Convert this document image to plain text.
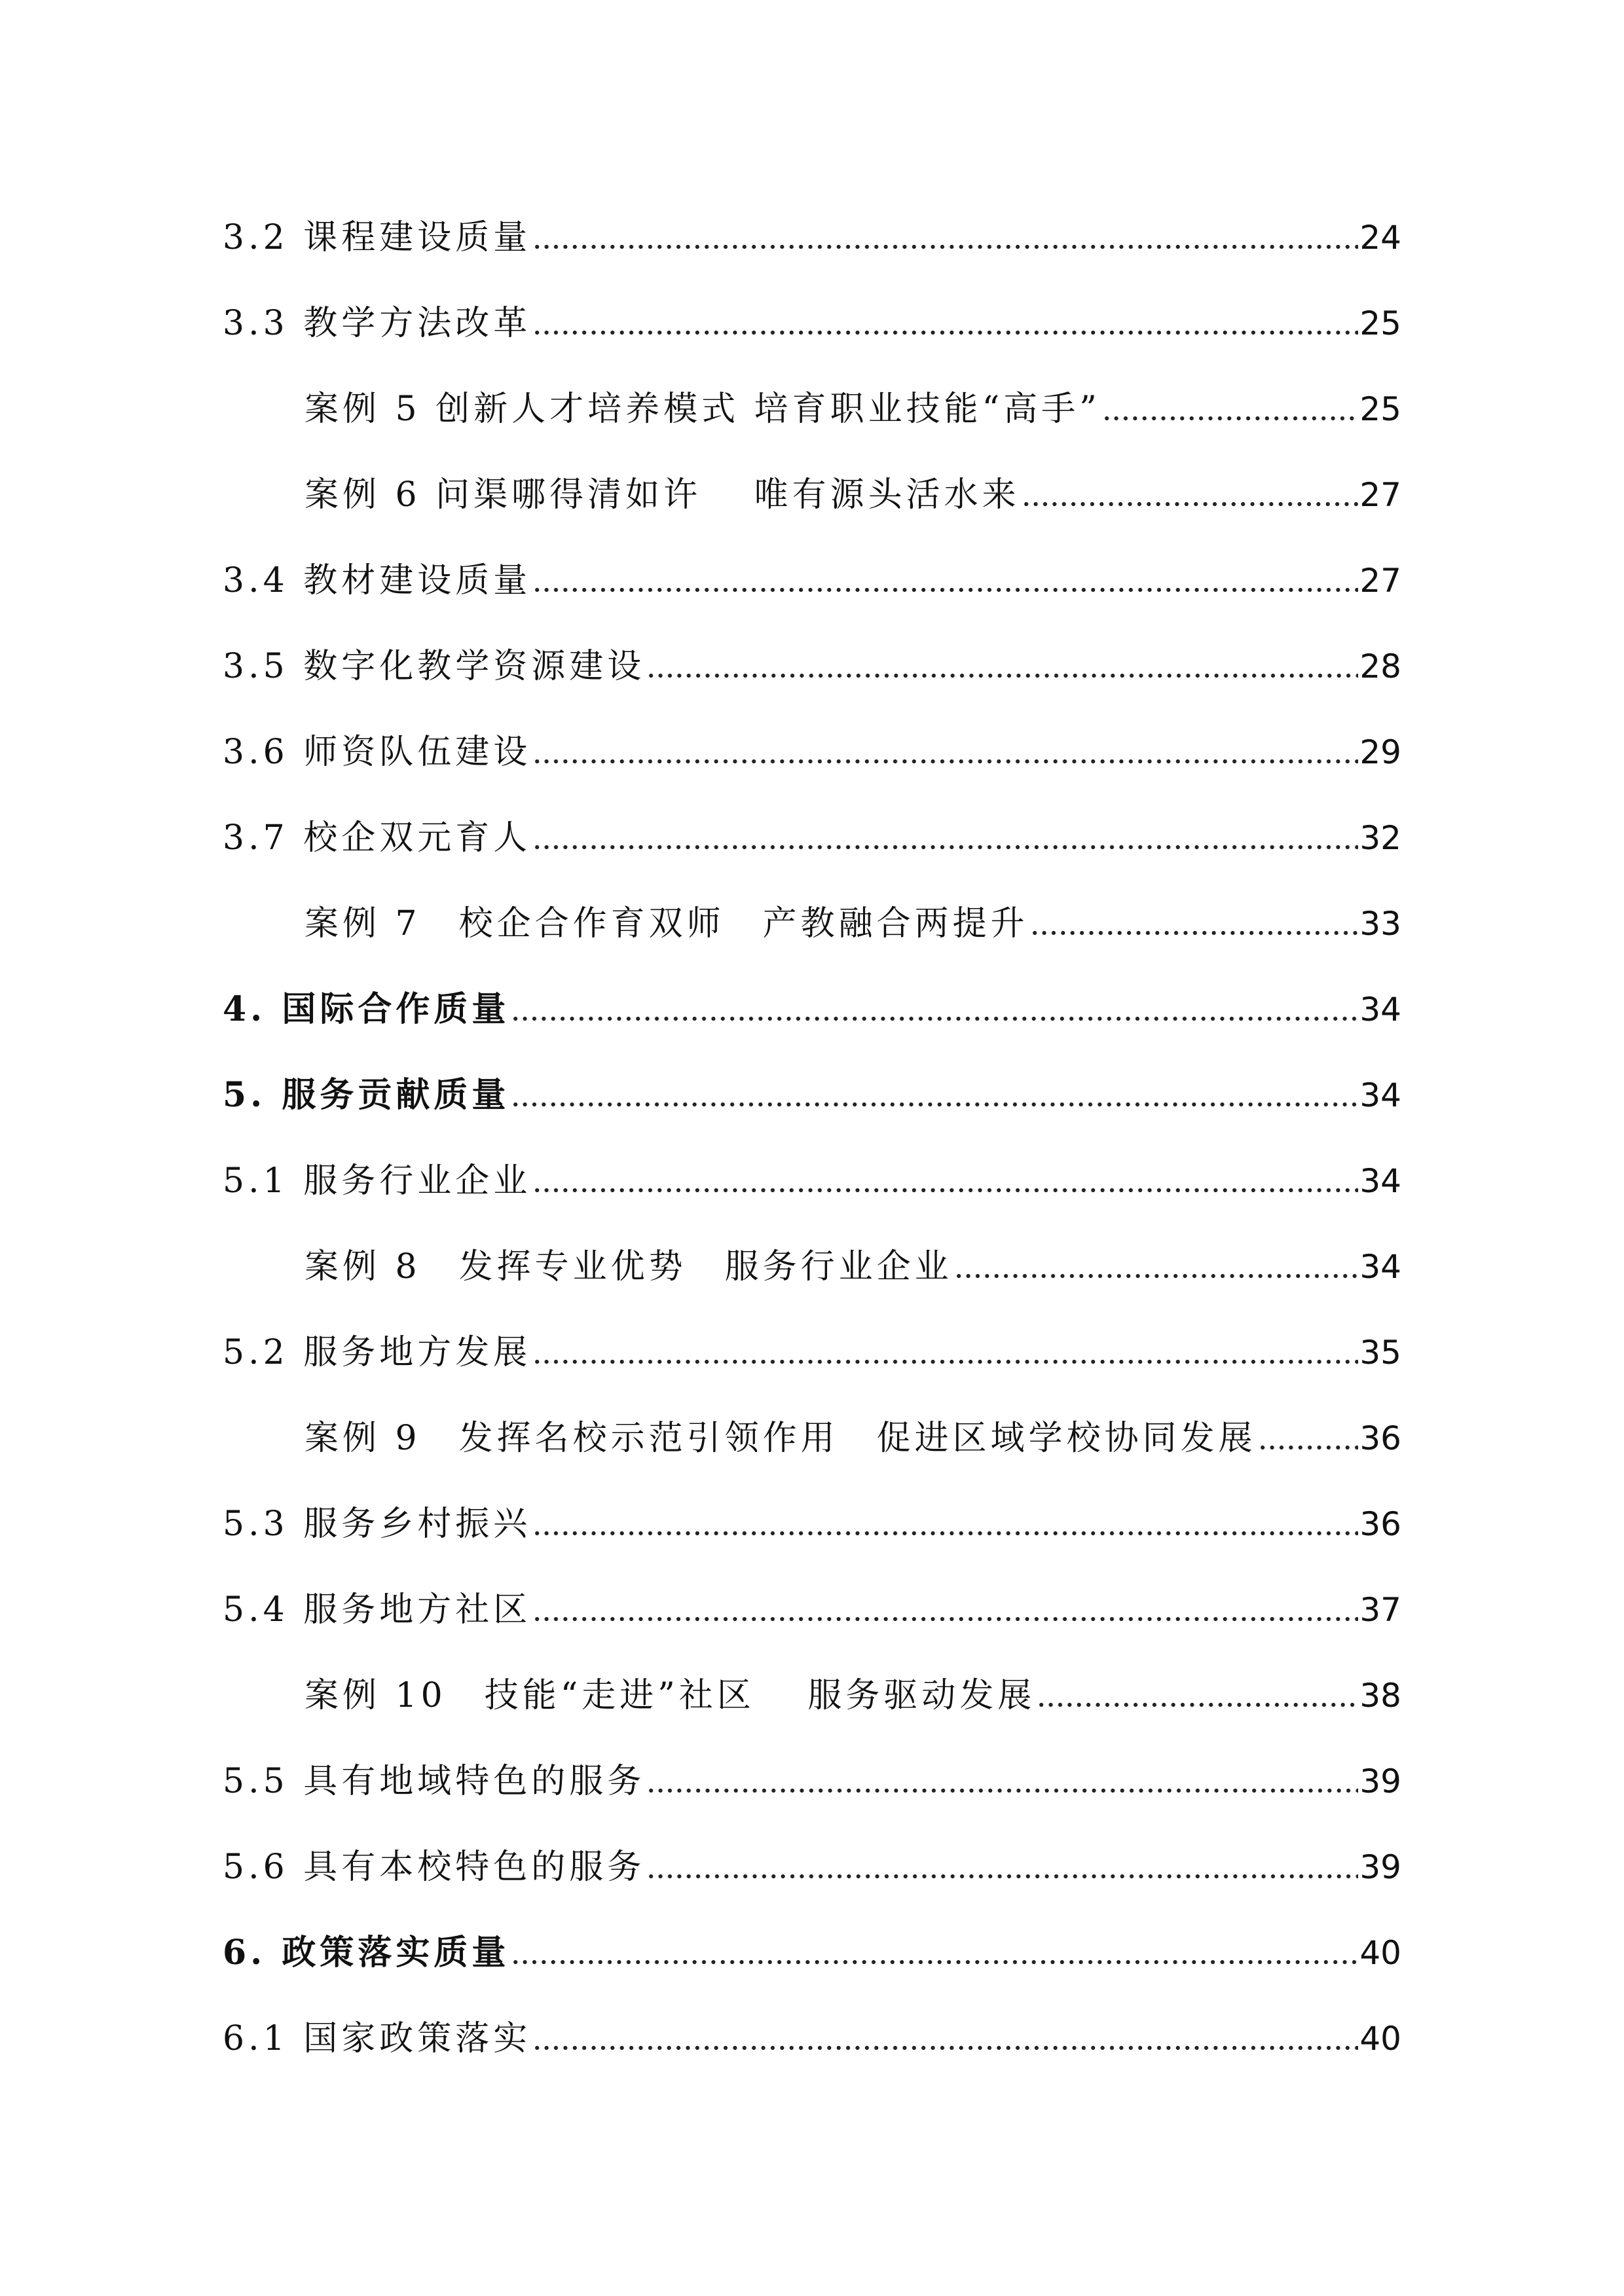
3.2 课程建设质量	24
3.3 教学方法改革	25
案例 5 创新人才培养模式 培育职业技能“高手”	25
案例 6 问渠哪得清如许　 唯有源头活水来	27
3.4 教材建设质量	27
3.5 数字化教学资源建设	28
3.6 师资队伍建设	29
3.7 校企双元育人	32
案例 7　校企合作育双师　产教融合两提升	33
4. 国际合作质量	34
5. 服务贡献质量	34
5.1 服务行业企业	34
案例 8　发挥专业优势　服务行业企业	34
5.2 服务地方发展	35
案例 9　发挥名校示范引领作用　促进区域学校协同发展	36
5.3 服务乡村振兴	36
5.4 服务地方社区	37
案例 10　技能“走进”社区　 服务驱动发展	38
5.5 具有地域特色的服务	39
5.6 具有本校特色的服务	39
6. 政策落实质量	40
6.1 国家政策落实	40
